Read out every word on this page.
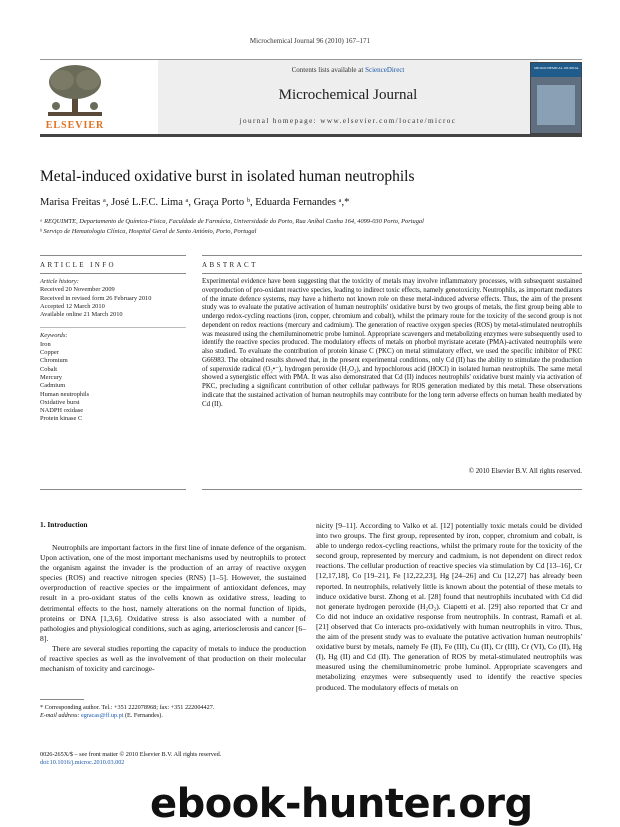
Microchemical Journal 96 (2010) 167–171
ELSEVIER
Contents lists available at ScienceDirect
Microchemical Journal
journal homepage: www.elsevier.com/locate/microc
MICROCHEMICAL JOURNAL
Metal-induced oxidative burst in isolated human neutrophils
Marisa Freitas ᵃ, José L.F.C. Lima ᵃ, Graça Porto ᵇ, Eduarda Fernandes ᵃ,*
ᵃ REQUIMTE, Departamento de Química-Física, Faculdade de Farmácia, Universidade do Porto, Rua Aníbal Cunha 164, 4099-030 Porto, Portugal
ᵇ Serviço de Hematologia Clínica, Hospital Geral de Santo António, Porto, Portugal
ARTICLE INFO	ABSTRACT
Article history:
Received 20 November 2009
Received in revised form 26 February 2010
Accepted 12 March 2010
Available online 21 March 2010
Keywords:
Iron
Copper
Chromium
Cobalt
Mercury
Cadmium
Human neutrophils
Oxidative burst
NADPH oxidase
Protein kinase C
Experimental evidence have been suggesting that the toxicity of metals may involve inflammatory processes, with subsequent sustained overproduction of pro-oxidant reactive species, leading to indirect toxic effects, namely genotoxicity. Neutrophils, as important mediators of the innate defence systems, may have a hitherto not known role on these metal-induced adverse effects. Thus, the aim of the present study was to evaluate the putative activation of human neutrophils' oxidative burst by two groups of metals, the first group being able to undergo redox-cycling reactions (iron, copper, chromium and cobalt), whilst the primary route for the toxicity of the second group is not dependent on redox reactions (mercury and cadmium). The generation of reactive oxygen species (ROS) by metal-stimulated neutrophils was measured using the chemiluminometric probe luminol. Appropriate scavengers and metabolizing enzymes were subsequently used to identify the reactive species produced. The modulatory effects of metals on phorbol myristate acetate (PMA)-activated neutrophils were also studied. To evaluate the contribution of protein kinase C (PKC) on metal stimulatory effect, we used the specific inhibitor of PKC G66983. The obtained results showed that, in the present experimental conditions, only Cd (II) has the ability to stimulate the production of superoxide radical (O₂•⁻), hydrogen peroxide (H₂O₂), and hypochlorous acid (HOCl) in isolated human neutrophils. The same metal showed a synergistic effect with PMA. It was also demonstrated that Cd (II) induces neutrophils' oxidative burst mainly via activation of PKC, precluding a significant contribution of other cellular pathways for ROS generation mediated by this metal. These observations indicate that the sustained activation of human neutrophils may contribute for the long term adverse effects on human health mediated by Cd (II).
© 2010 Elsevier B.V. All rights reserved.
1. Introduction

Neutrophils are important factors in the first line of innate defence of the organism. Upon activation, one of the most important mechanisms used by neutrophils to protect the organism against the invader is the production of an array of reactive oxygen species (ROS) and reactive nitrogen species (RNS) [1–5]. However, the sustained overproduction of reactive species or the impairment of antioxidant defences, may result in a pro-oxidant status of the cells known as oxidative stress, leading to detrimental effects to the host, namely alterations on the normal function of lipids, proteins or DNA [1,3,6]. Oxidative stress is also associated with a number of pathologies and physiological conditions, such as aging, arteriosclerosis and cancer [6–8].

There are several studies reporting the capacity of metals to induce the production of reactive species as well as the involvement of that production on their molecular mechanism of toxicity and carcinoge-

nicity [9–11]. According to Valko et al. [12] potentially toxic metals could be divided into two groups. The first group, represented by iron, copper, chromium and cobalt, is able to undergo redox-cycling reactions, whilst the primary route for the toxicity of the second group, represented by mercury and cadmium, is not dependent on direct redox reactions. The cellular production of reactive species via stimulation by Cd [13–16], Cr [12,17,18], Co [19–21], Fe [12,22,23], Hg [24–26] and Cu [12,27] has already been reported. In neutrophils, relatively little is known about the potential of these metals to induce oxidative burst. Zhong et al. [28] found that neutrophils incubated with Cd did not generate hydrogen peroxide (H₂O₂). Ciapetti et al. [29] also reported that Cr and Co did not induce an oxidative response from neutrophils. In contrast, Ramafi et al. [21] observed that Co interacts pro-oxidatively with human neutrophils in vitro. Thus, the aim of the present study was to evaluate the putative activation human neutrophils' oxidative burst by metals, namely Fe (II), Fe (III), Cu (II), Cr (III), Cr (VI), Co (II), Hg (I), Hg (II) and Cd (II). The generation of ROS by metal-stimulated neutrophils was measured using the chemiluminometric probe luminol. Appropriate scavengers and metabolizing enzymes were subsequently used to identify the reactive species produced. The modulatory effects of metals on

* Corresponding author. Tel.: +351 222078968; fax: +351 222004427.
E-mail address: egracas@ff.up.pt (E. Fernandes).
0026-265X/$ – see front matter © 2010 Elsevier B.V. All rights reserved.
doi:10.1016/j.microc.2010.03.002
ebook-hunter.org
